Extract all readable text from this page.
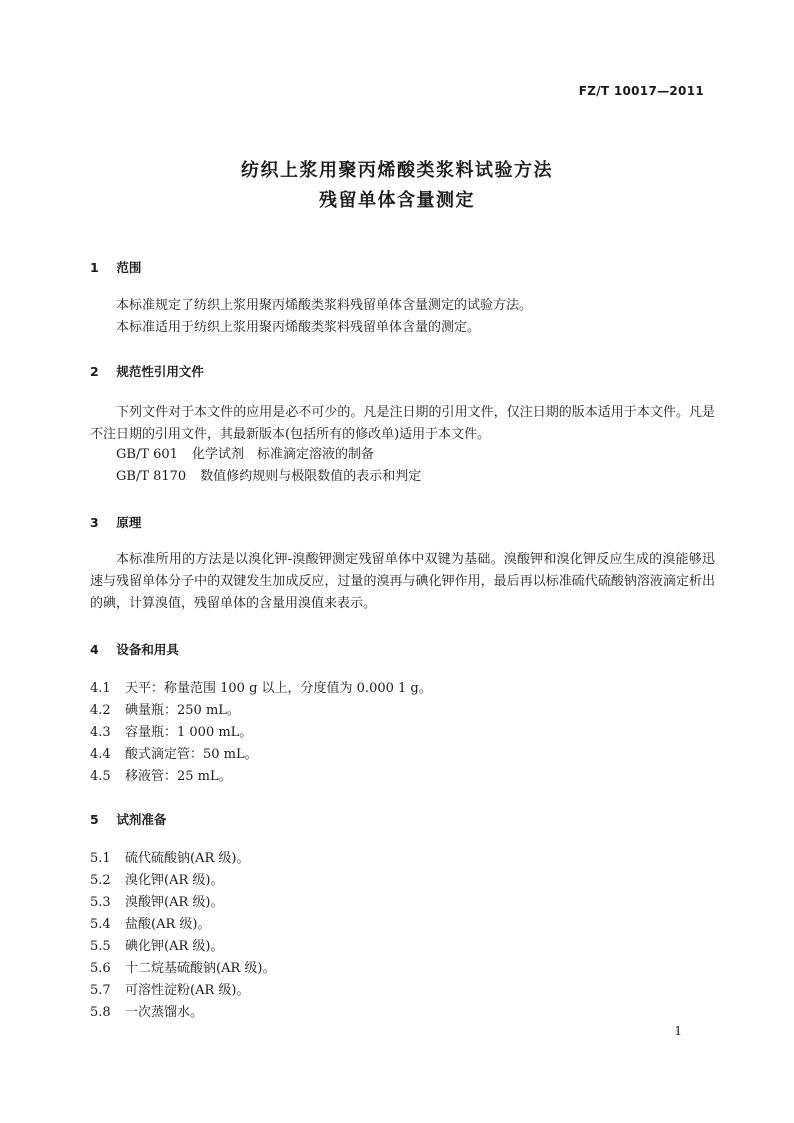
FZ/T 10017—2011
纺织上浆用聚丙烯酸类浆料试验方法
残留单体含量测定
1 范围
本标准规定了纺织上浆用聚丙烯酸类浆料残留单体含量测定的试验方法。
本标准适用于纺织上浆用聚丙烯酸类浆料残留单体含量的测定。
2 规范性引用文件
下列文件对于本文件的应用是必不可少的。凡是注日期的引用文件，仅注日期的版本适用于本文件。凡是不注日期的引用文件，其最新版本(包括所有的修改单)适用于本文件。
GB/T 601 化学试剂　标准滴定溶液的制备
GB/T 8170 数值修约规则与极限数值的表示和判定
3 原理
本标准所用的方法是以溴化钾-溴酸钾测定残留单体中双键为基础。溴酸钾和溴化钾反应生成的溴能够迅速与残留单体分子中的双键发生加成反应，过量的溴再与碘化钾作用，最后再以标准硫代硫酸钠溶液滴定析出的碘，计算溴值，残留单体的含量用溴值来表示。
4 设备和用具
4.1 天平：称量范围 100 g 以上，分度值为 0.000 1 g。
4.2 碘量瓶：250 mL。
4.3 容量瓶：1 000 mL。
4.4 酸式滴定管：50 mL。
4.5 移液管：25 mL。
5 试剂准备
5.1 硫代硫酸钠(AR 级)。
5.2 溴化钾(AR 级)。
5.3 溴酸钾(AR 级)。
5.4 盐酸(AR 级)。
5.5 碘化钾(AR 级)。
5.6 十二烷基硫酸钠(AR 级)。
5.7 可溶性淀粉(AR 级)。
5.8 一次蒸馏水。
1
